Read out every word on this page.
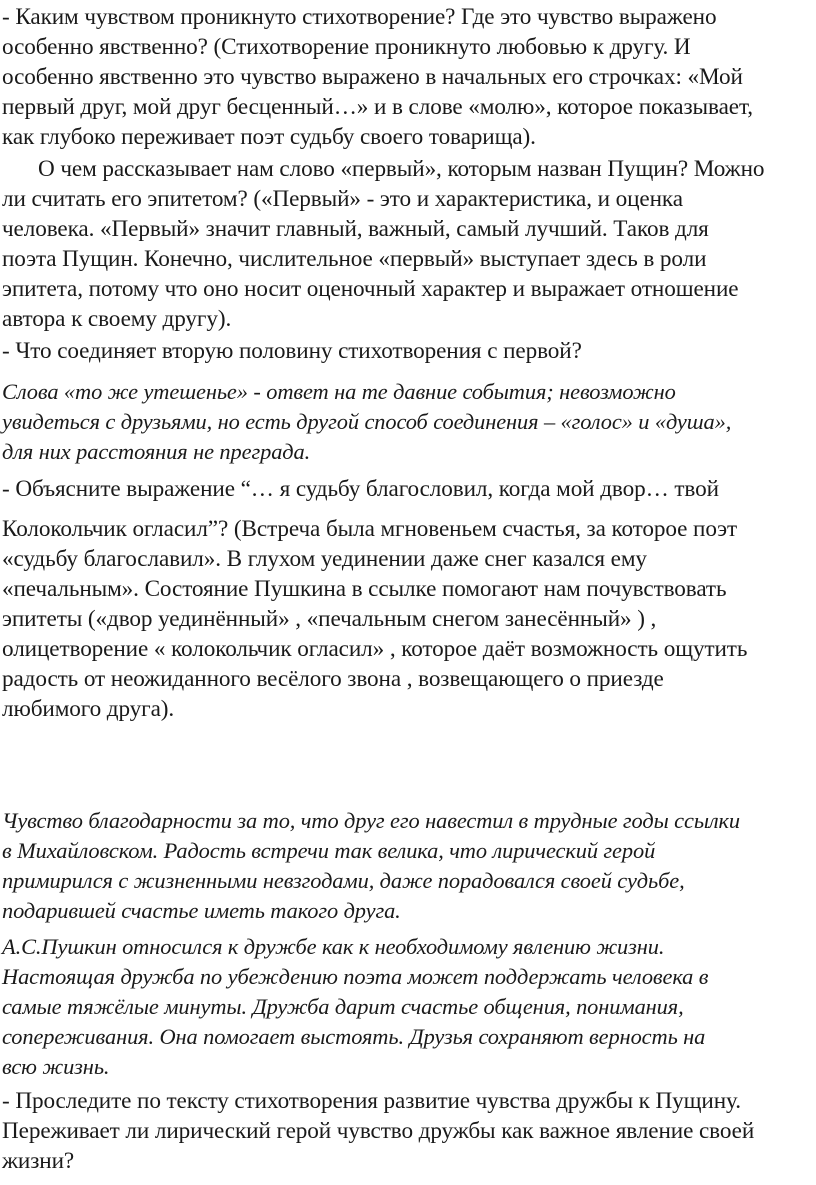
- Каким чувством проникнуто стихотворение? Где это чувство выражено
особенно явственно? (Стихотворение проникнуто любовью к другу. И
особенно явственно это чувство выражено в начальных его строчках: «Мой
первый друг, мой друг бесценный…» и в слове «молю», которое показывает,
как глубоко переживает поэт судьбу своего товарища).
О чем рассказывает нам слово «первый», которым назван Пущин? Можно
ли считать его эпитетом? («Первый» - это и характеристика, и оценка
человека. «Первый» значит главный, важный, самый лучший. Таков для
поэта Пущин. Конечно, числительное «первый» выступает здесь в роли
эпитета, потому что оно носит оценочный характер и выражает отношение
автора к своему другу).
- Что соединяет вторую половину стихотворения с первой?
Слова «то же утешенье» - ответ на те давние события; невозможно
увидеться с друзьями, но есть другой способ соединения – «голос» и «душа»,
для них расстояния не преграда.
- Объясните выражение “… я судьбу благословил, когда мой двор… твой
Колокольчик огласил”? (Встреча была мгновеньем счастья, за которое поэт
«судьбу благославил». В глухом уединении даже снег казался ему
«печальным». Состояние Пушкина в ссылке помогают нам почувствовать
эпитеты («двор уединённый» , «печальным снегом занесённый» ) ,
олицетворение « колокольчик огласил» , которое даёт возможность ощутить
радость от неожиданного весёлого звона , возвещающего о приезде
любимого друга).
Чувство благодарности за то, что друг его навестил в трудные годы ссылки
в Михайловском. Радость встречи так велика, что лирический герой
примирился с жизненными невзгодами, даже порадовался своей судьбе,
подарившей счастье иметь такого друга.
А.С.Пушкин относился к дружбе как к необходимому явлению жизни.
Настоящая дружба по убеждению поэта может поддержать человека в
самые тяжёлые минуты. Дружба дарит счастье общения, понимания,
сопереживания. Она помогает выстоять. Друзья сохраняют верность на
всю жизнь.
- Проследите по тексту стихотворения развитие чувства дружбы к Пущину.
Переживает ли лирический герой чувство дружбы как важное явление своей
жизни?
